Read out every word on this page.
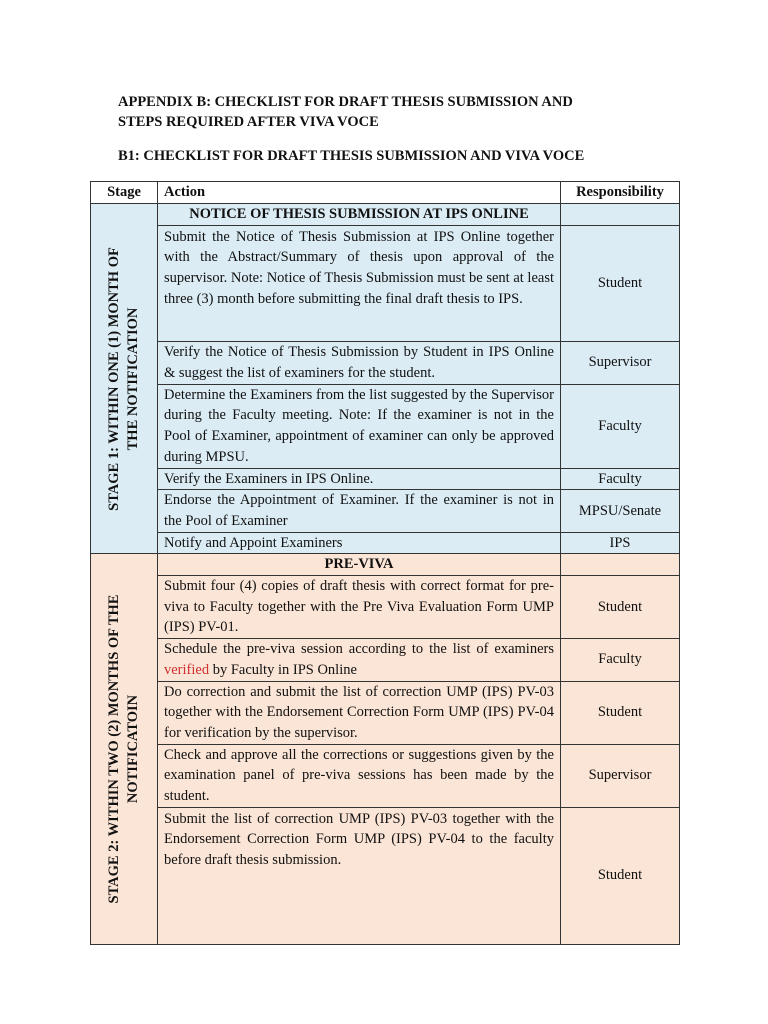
APPENDIX B: CHECKLIST FOR DRAFT THESIS SUBMISSION AND
STEPS REQUIRED AFTER VIVA VOCE

B1: CHECKLIST FOR DRAFT THESIS SUBMISSION AND VIVA VOCE

Stage	Action	Responsibility

STAGE 1: WITHIN ONE (1) MONTH OF THE NOTIFICATION	NOTICE OF THESIS SUBMISSION AT IPS ONLINE	
	Submit the Notice of Thesis Submission at IPS Online together with the Abstract/Summary of thesis upon approval of the supervisor. Note: Notice of Thesis Submission must be sent at least three (3) month before submitting the final draft thesis to IPS.	Student
	Verify the Notice of Thesis Submission by Student in IPS Online & suggest the list of examiners for the student.	Supervisor
	Determine the Examiners from the list suggested by the Supervisor during the Faculty meeting. Note: If the examiner is not in the Pool of Examiner, appointment of examiner can only be approved during MPSU.	Faculty
	Verify the Examiners in IPS Online.	Faculty
	Endorse the Appointment of Examiner. If the examiner is not in the Pool of Examiner	MPSU/Senate
	Notify and Appoint Examiners	IPS

STAGE 2: WITHIN TWO (2) MONTHS OF THE NOTIFICATOIN	PRE-VIVA	
	Submit four (4) copies of draft thesis with correct format for pre-viva to Faculty together with the Pre Viva Evaluation Form UMP (IPS) PV-01.	Student
	Schedule the pre-viva session according to the list of examiners verified by Faculty in IPS Online	Faculty
	Do correction and submit the list of correction UMP (IPS) PV-03 together with the Endorsement Correction Form UMP (IPS) PV-04 for verification by the supervisor.	Student
	Check and approve all the corrections or suggestions given by the examination panel of pre-viva sessions has been made by the student.	Supervisor
	Submit the list of correction UMP (IPS) PV-03 together with the Endorsement Correction Form UMP (IPS) PV-04 to the faculty before draft thesis submission.	Student
